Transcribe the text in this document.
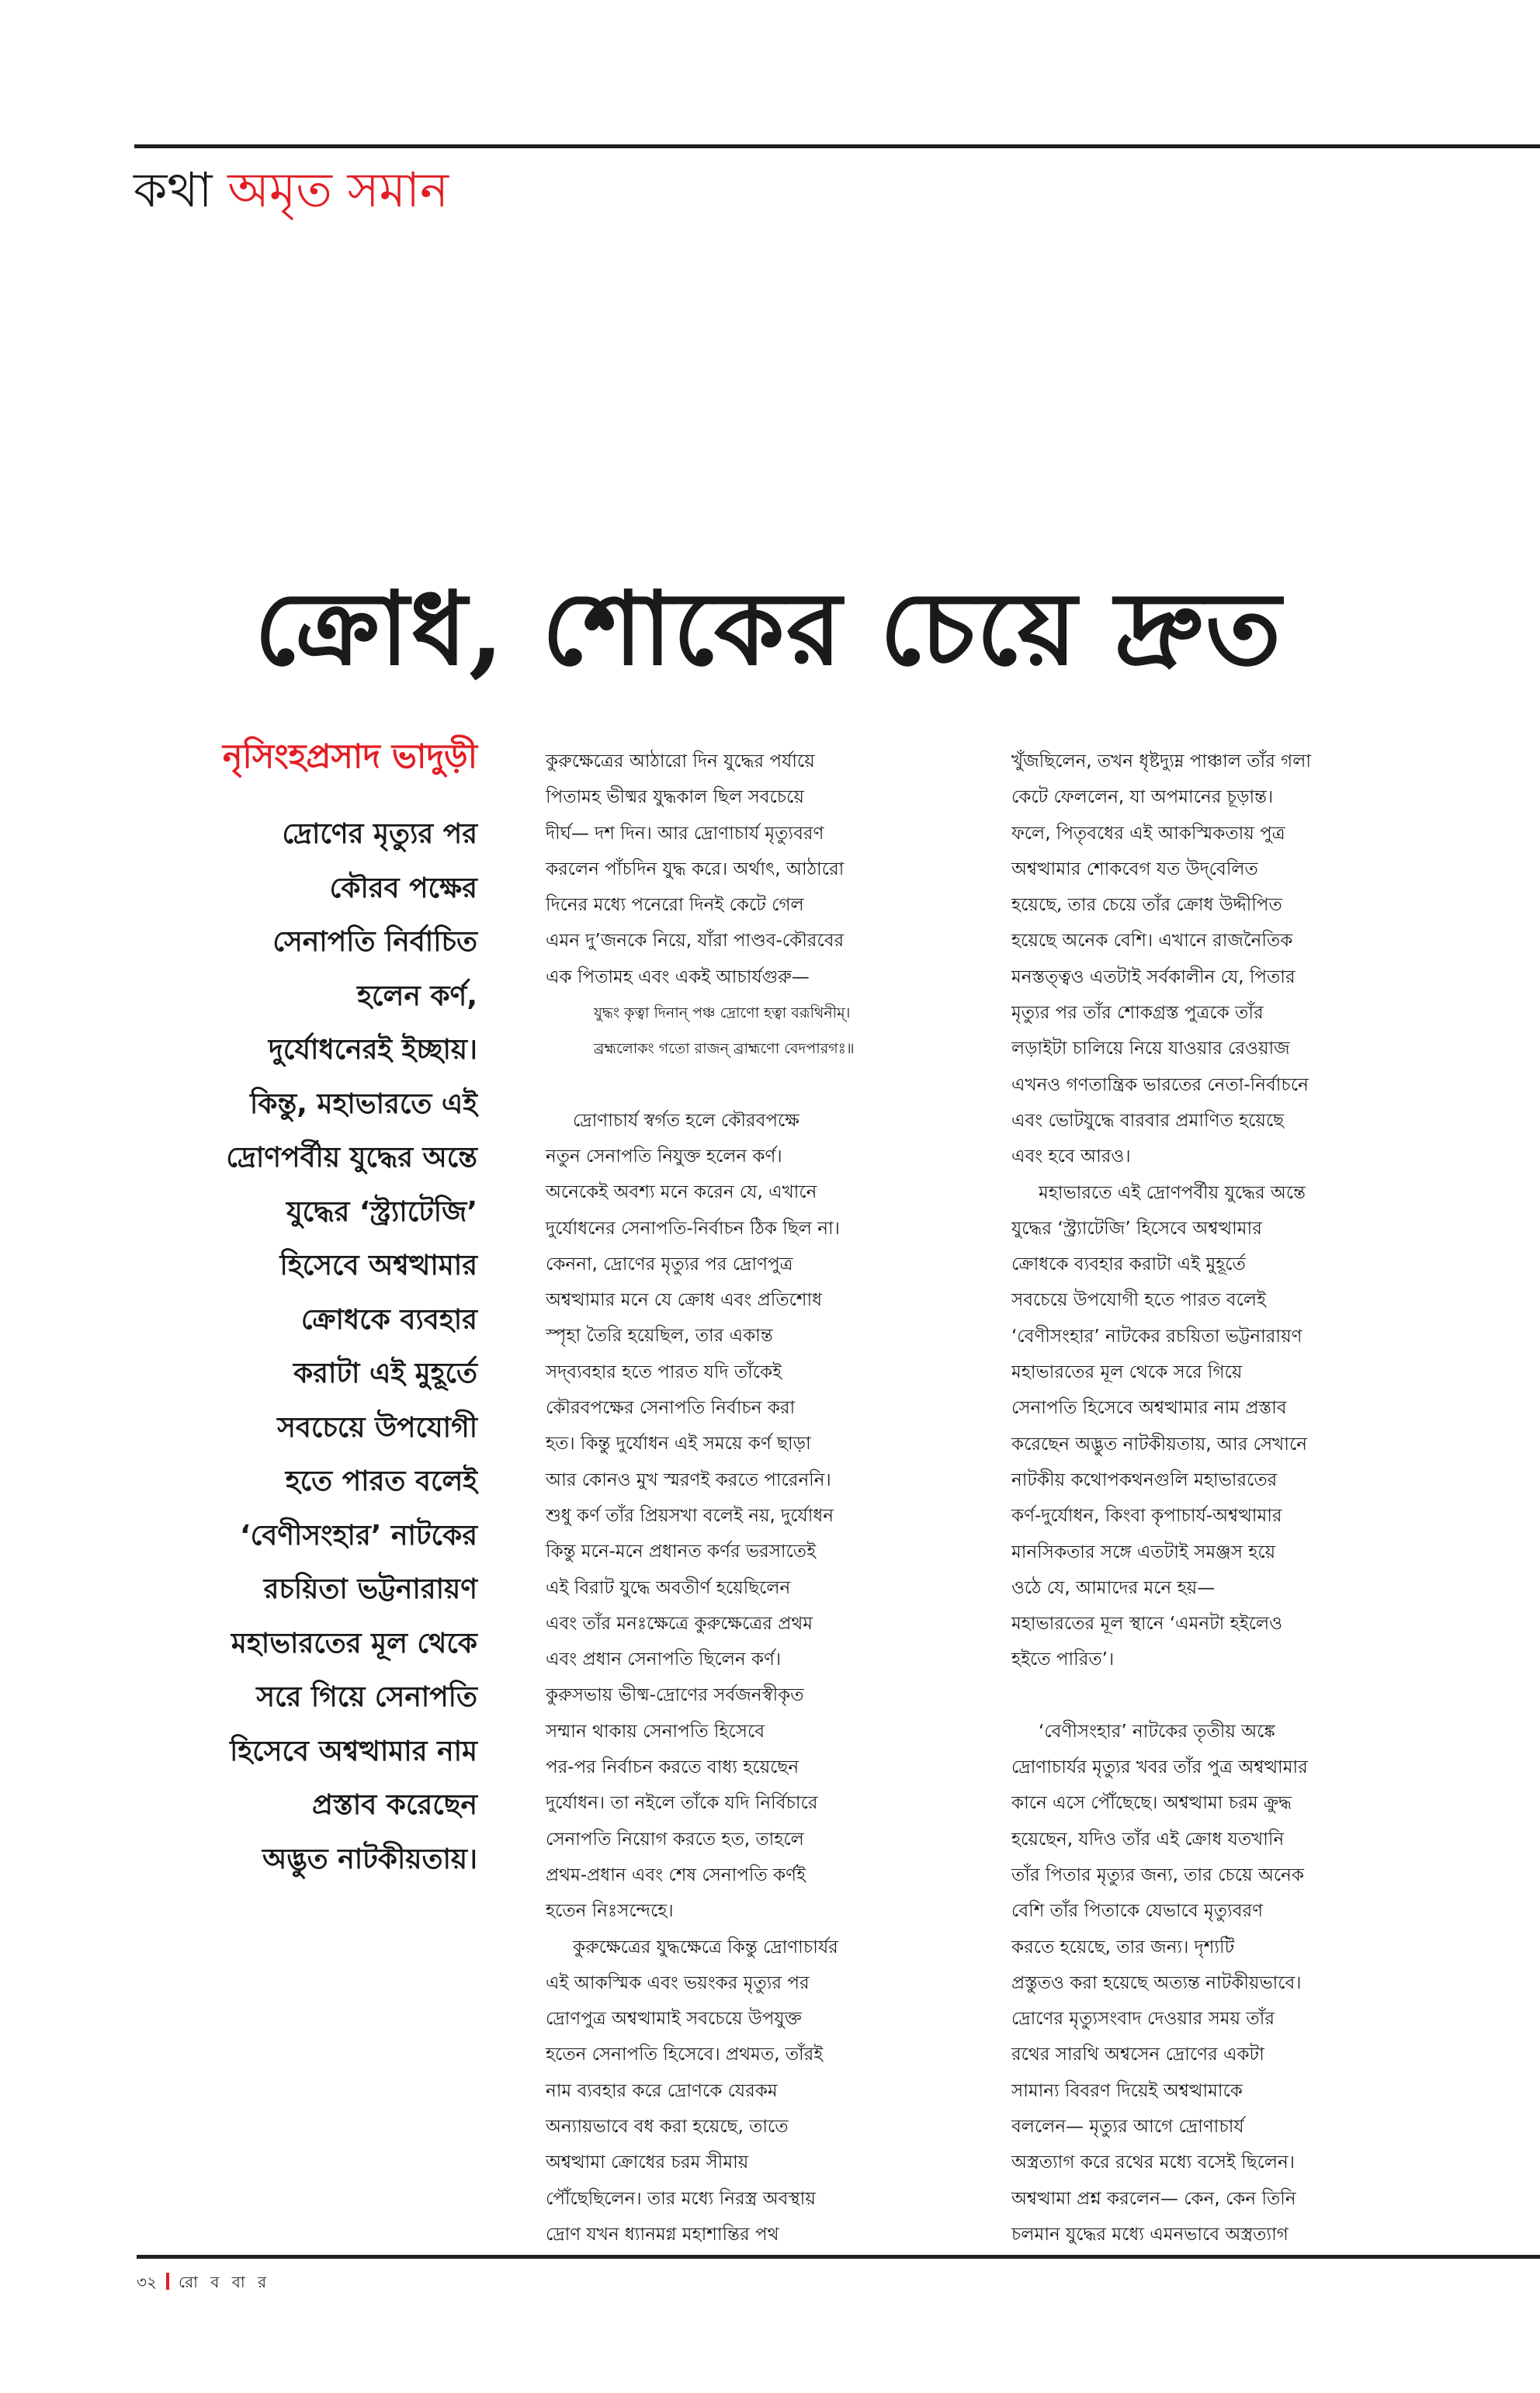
কথা অমৃত সমান
ক্রোধ, শোকের চেয়ে দ্রুত
নৃসিংহপ্রসাদ ভাদুড়ী
দ্রোণের মৃত্যুর পর
কৌরব পক্ষের
সেনাপতি নির্বাচিত
হলেন কর্ণ,
দুর্যোধনেরই ইচ্ছায়।
কিন্তু, মহাভারতে এই
দ্রোণপর্বীয় যুদ্ধের অন্তে
যুদ্ধের ‘স্ট্র্যাটেজি’
হিসেবে অশ্বত্থামার
ক্রোধকে ব্যবহার
করাটা এই মুহূর্তে
সবচেয়ে উপযোগী
হতে পারত বলেই
‘বেণীসংহার’ নাটকের
রচয়িতা ভট্টনারায়ণ
মহাভারতের মূল থেকে
সরে গিয়ে সেনাপতি
হিসেবে অশ্বত্থামার নাম
প্রস্তাব করেছেন
অদ্ভুত নাটকীয়তায়।
কুরুক্ষেত্রের আঠারো দিন যুদ্ধের পর্যায়ে
পিতামহ ভীষ্মর যুদ্ধকাল ছিল সবচেয়ে
দীর্ঘ— দশ দিন। আর দ্রোণাচার্য মৃত্যুবরণ
করলেন পাঁচদিন যুদ্ধ করে। অর্থাৎ, আঠারো
দিনের মধ্যে পনেরো দিনই কেটে গেল
এমন দু’জনকে নিয়ে, যাঁরা পাণ্ডব-কৌরবের
এক পিতামহ এবং একই আচার্যগুরু—
যুদ্ধং কৃত্বা দিনান্ পঞ্চ দ্রোণো হত্বা বরূথিনীম্।
ব্রহ্মলোকং গতো রাজন্ ব্রাহ্মণো বেদপারগঃ॥
দ্রোণাচার্য স্বর্গত হলে কৌরবপক্ষে
নতুন সেনাপতি নিযুক্ত হলেন কর্ণ।
অনেকেই অবশ্য মনে করেন যে, এখানে
দুর্যোধনের সেনাপতি-নির্বাচন ঠিক ছিল না।
কেননা, দ্রোণের মৃত্যুর পর দ্রোণপুত্র
অশ্বত্থামার মনে যে ক্রোধ এবং প্রতিশোধ
স্পৃহা তৈরি হয়েছিল, তার একান্ত
সদ্‌ব্যবহার হতে পারত যদি তাঁকেই
কৌরবপক্ষের সেনাপতি নির্বাচন করা
হত। কিন্তু দুর্যোধন এই সময়ে কর্ণ ছাড়া
আর কোনও মুখ স্মরণই করতে পারেননি।
শুধু কর্ণ তাঁর প্রিয়সখা বলেই নয়, দুর্যোধন
কিন্তু মনে-মনে প্রধানত কর্ণর ভরসাতেই
এই বিরাট যুদ্ধে অবতীর্ণ হয়েছিলেন
এবং তাঁর মনঃক্ষেত্রে কুরুক্ষেত্রের প্রথম
এবং প্রধান সেনাপতি ছিলেন কর্ণ।
কুরুসভায় ভীষ্ম-দ্রোণের সর্বজনস্বীকৃত
সম্মান থাকায় সেনাপতি হিসেবে
পর-পর নির্বাচন করতে বাধ্য হয়েছেন
দুর্যোধন। তা নইলে তাঁকে যদি নির্বিচারে
সেনাপতি নিয়োগ করতে হত, তাহলে
প্রথম-প্রধান এবং শেষ সেনাপতি কর্ণই
হতেন নিঃসন্দেহে।
কুরুক্ষেত্রের যুদ্ধক্ষেত্রে কিন্তু দ্রোণাচার্যর
এই আকস্মিক এবং ভয়ংকর মৃত্যুর পর
দ্রোণপুত্র অশ্বত্থামাই সবচেয়ে উপযুক্ত
হতেন সেনাপতি হিসেবে। প্রথমত, তাঁরই
নাম ব্যবহার করে দ্রোণকে যেরকম
অন্যায়ভাবে বধ করা হয়েছে, তাতে
অশ্বত্থামা ক্রোধের চরম সীমায়
পৌঁছেছিলেন। তার মধ্যে নিরস্ত্র অবস্থায়
দ্রোণ যখন ধ্যানমগ্ন মহাশান্তির পথ
খুঁজছিলেন, তখন ধৃষ্টদ্যুম্ন পাঞ্চাল তাঁর গলা
কেটে ফেললেন, যা অপমানের চূড়ান্ত।
ফলে, পিতৃবধের এই আকস্মিকতায় পুত্র
অশ্বত্থামার শোকবেগ যত উদ্‌বেলিত
হয়েছে, তার চেয়ে তাঁর ক্রোধ উদ্দীপিত
হয়েছে অনেক বেশি। এখানে রাজনৈতিক
মনস্তত্ত্বও এতটাই সর্বকালীন যে, পিতার
মৃত্যুর পর তাঁর শোকগ্রস্ত পুত্রকে তাঁর
লড়াইটা চালিয়ে নিয়ে যাওয়ার রেওয়াজ
এখনও গণতান্ত্রিক ভারতের নেতা-নির্বাচনে
এবং ভোটযুদ্ধে বারবার প্রমাণিত হয়েছে
এবং হবে আরও।
মহাভারতে এই দ্রোণপর্বীয় যুদ্ধের অন্তে
যুদ্ধের ‘স্ট্র্যাটেজি’ হিসেবে অশ্বত্থামার
ক্রোধকে ব্যবহার করাটা এই মুহূর্তে
সবচেয়ে উপযোগী হতে পারত বলেই
‘বেণীসংহার’ নাটকের রচয়িতা ভট্টনারায়ণ
মহাভারতের মূল থেকে সরে গিয়ে
সেনাপতি হিসেবে অশ্বত্থামার নাম প্রস্তাব
করেছেন অদ্ভুত নাটকীয়তায়, আর সেখানে
নাটকীয় কথোপকথনগুলি মহাভারতের
কর্ণ-দুর্যোধন, কিংবা কৃপাচার্য-অশ্বত্থামার
মানসিকতার সঙ্গে এতটাই সমঞ্জস হয়ে
ওঠে যে, আমাদের মনে হয়—
মহাভারতের মূল স্থানে ‘এমনটা হইলেও
হইতে পারিত’।
‘বেণীসংহার’ নাটকের তৃতীয় অঙ্কে
দ্রোণাচার্যর মৃত্যুর খবর তাঁর পুত্র অশ্বত্থামার
কানে এসে পৌঁছেছে। অশ্বত্থামা চরম ক্রুদ্ধ
হয়েছেন, যদিও তাঁর এই ক্রোধ যতখানি
তাঁর পিতার মৃত্যুর জন্য, তার চেয়ে অনেক
বেশি তাঁর পিতাকে যেভাবে মৃত্যুবরণ
করতে হয়েছে, তার জন্য। দৃশ্যটি
প্রস্তুতও করা হয়েছে অত্যন্ত নাটকীয়ভাবে।
দ্রোণের মৃত্যুসংবাদ দেওয়ার সময় তাঁর
রথের সারথি অশ্বসেন দ্রোণের একটা
সামান্য বিবরণ দিয়েই অশ্বত্থামাকে
বললেন— মৃত্যুর আগে দ্রোণাচার্য
অস্ত্রত্যাগ করে রথের মধ্যে বসেই ছিলেন।
অশ্বত্থামা প্রশ্ন করলেন— কেন, কেন তিনি
চলমান যুদ্ধের মধ্যে এমনভাবে অস্ত্রত্যাগ
৩২ রো ব বা র
